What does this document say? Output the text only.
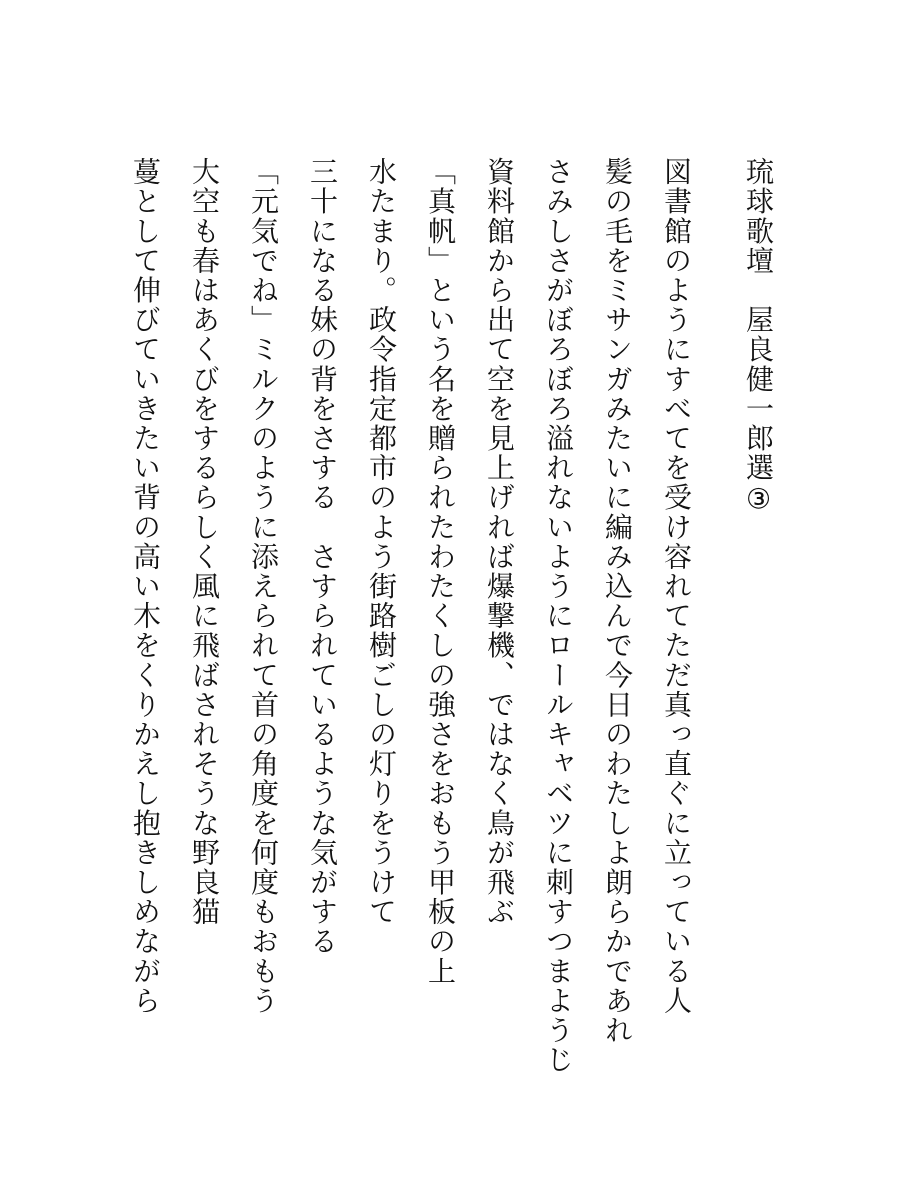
琉球歌壇　屋良健一郎選③
図書館のようにすべてを受け容れてただ真っ直ぐに立っている人
髪の毛をミサンガみたいに編み込んで今日のわたしよ朗らかであれ
さみしさがぼろぼろ溢れないようにロールキャベツに刺すつまようじ
資料館から出て空を見上げれば爆撃機、ではなく鳥が飛ぶ
「真帆」という名を贈られたわたくしの強さをおもう甲板の上
水たまり。政令指定都市のよう街路樹ごしの灯りをうけて
三十になる妹の背をさする　さすられているような気がする
「元気でね」ミルクのように添えられて首の角度を何度もおもう
大空も春はあくびをするらしく風に飛ばされそうな野良猫
蔓として伸びていきたい背の高い木をくりかえし抱きしめながら
